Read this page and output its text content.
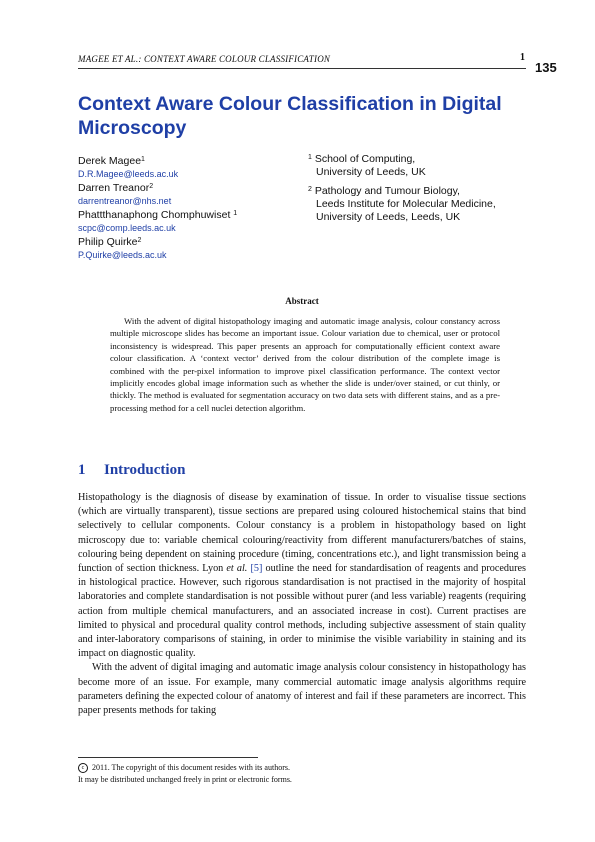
MAGEE ET AL.: CONTEXT AWARE COLOUR CLASSIFICATION	1
135
Context Aware Colour Classification in Digital Microscopy
Derek Magee$^1$
D.R.Magee@leeds.ac.uk
Darren Treanor$^2$
darrentreanor@nhs.net
Phattthanaphong Chomphuwiset $^1$
scpc@comp.leeds.ac.uk
Philip Quirke$^2$
P.Quirke@leeds.ac.uk
$^1$ School of Computing,
University of Leeds, UK
$^2$ Pathology and Tumour Biology,
Leeds Institute for Molecular Medicine,
University of Leeds, Leeds, UK
Abstract
With the advent of digital histopathology imaging and automatic image analysis, colour constancy across multiple microscope slides has become an important issue. Colour variation due to chemical, user or protocol inconsistency is widespread. This paper presents an approach for computationally efficient context aware colour classification. A ‘context vector’ derived from the colour distribution of the complete image is combined with the per-pixel information to improve pixel classification performance. The context vector implicitly encodes global image information such as whether the slide is under/over stained, or cut thinly, or thickly. The method is evaluated for segmentation accuracy on two data sets with different stains, and as a pre-processing method for a cell nuclei detection algorithm.
1 Introduction

Histopathology is the diagnosis of disease by examination of tissue. In order to visualise tissue sections (which are virtually transparent), tissue sections are prepared using coloured histochemical stains that bind selectively to cellular components. Colour constancy is a problem in histopathology based on light microscopy due to: variable chemical colouring/reactivity from different manufacturers/batches of stains, colouring being dependent on staining procedure (timing, concentrations etc.), and light transmission being a function of section thickness. Lyon et al. [5] outline the need for standardisation of reagents and procedures in histological practice. However, such rigorous standardisation is not practised in the majority of hospital laboratories and complete standardisation is not possible without purer (and less variable) reagents (requiring action from multiple chemical manufacturers, and an associated increase in cost). Current practises are limited to physical and procedural quality control methods, including subjective assessment of stain quality and inter-laboratory comparisons of staining, in order to minimise the visible variability in staining and its impact on diagnostic quality.

With the advent of digital imaging and automatic image analysis colour consistency in histopathology has become more of an issue. For example, many commercial automatic image analysis algorithms require parameters defining the expected colour of anatomy of interest and fail if these parameters are incorrect. This paper presents methods for taking

c 2011. The copyright of this document resides with its authors.
It may be distributed unchanged freely in print or electronic forms.
